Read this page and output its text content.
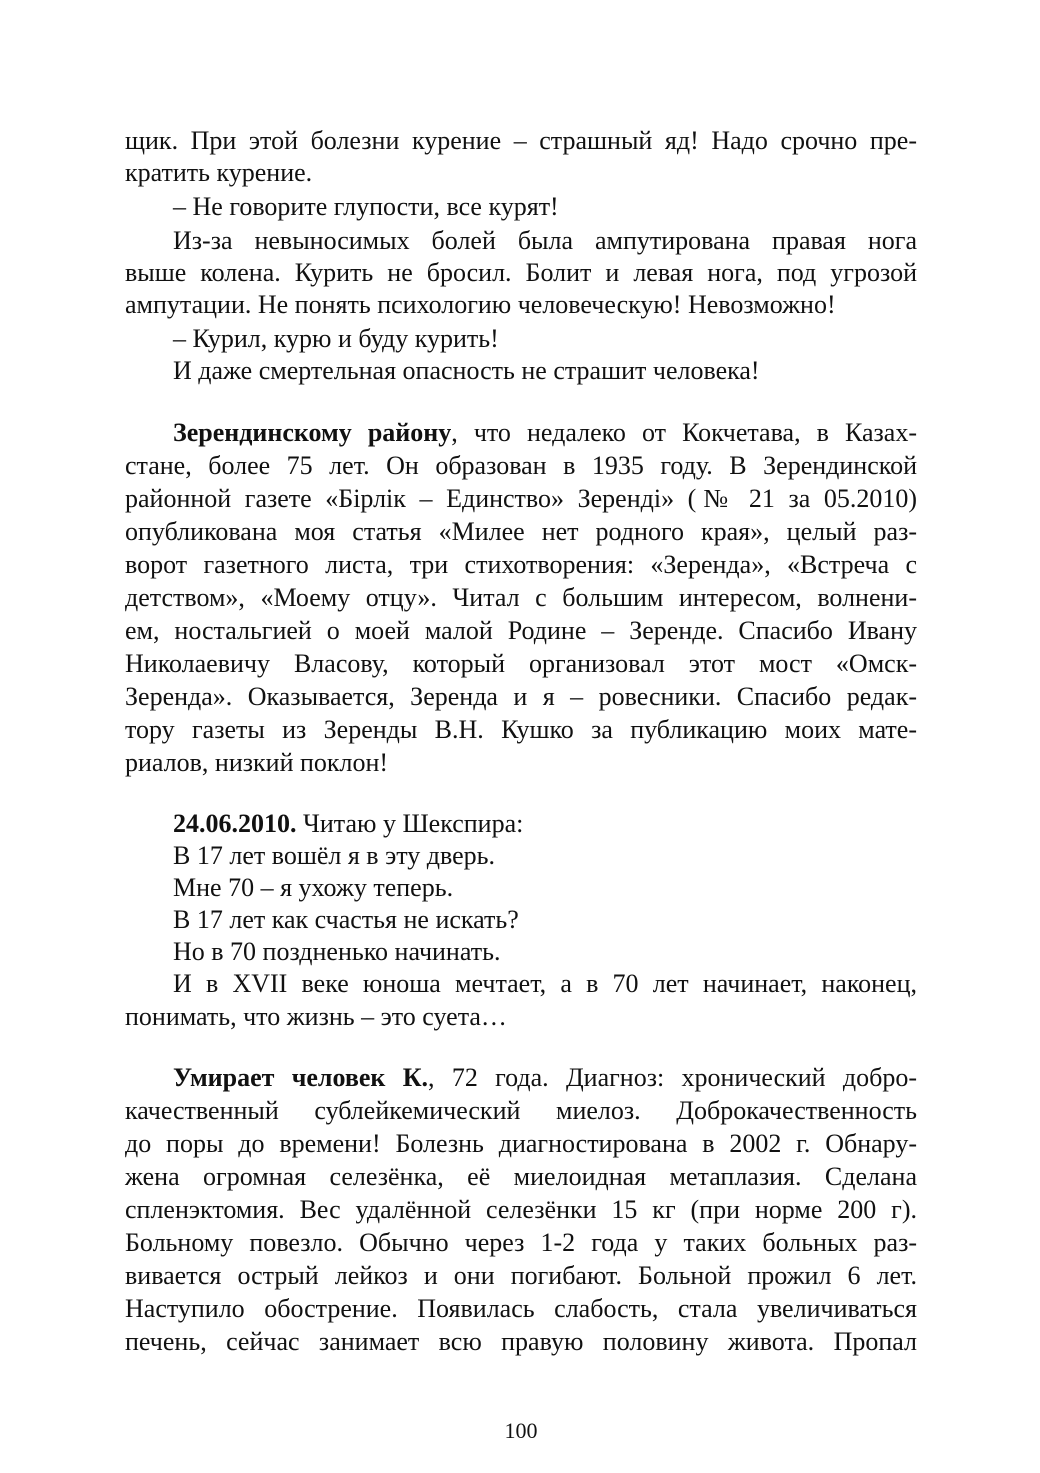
щик. При этой болезни курение – страшный яд! Надо срочно пре-
кратить курение.
– Не говорите глупости, все курят!
Из-за невыносимых болей была ампутирована правая нога
выше колена. Курить не бросил. Болит и левая нога, под угрозой
ампутации. Не понять психологию человеческую! Невозможно!
– Курил, курю и буду курить!
И даже смертельная опасность не страшит человека!
Зерендинскому району, что недалеко от Кокчетава, в Казах-
стане, более 75 лет. Он образован в 1935 году. В Зерендинской
районной газете «Бірлік – Единство» Зеренді» (№ 21 за 05.2010)
опубликована моя статья «Милее нет родного края», целый раз-
ворот газетного листа, три стихотворения: «Зеренда», «Встреча с
детством», «Моему отцу». Читал с большим интересом, волнени-
ем, ностальгией о моей малой Родине – Зеренде. Спасибо Ивану
Николаевичу Власову, который организовал этот мост «Омск-
Зеренда». Оказывается, Зеренда и я – ровесники. Спасибо редак-
тору газеты из Зеренды В.Н. Кушко за публикацию моих мате-
риалов, низкий поклон!
24.06.2010. Читаю у Шекспира:
В 17 лет вошёл я в эту дверь.
Мне 70 – я ухожу теперь.
В 17 лет как счастья не искать?
Но в 70 поздненько начинать.
И в XVII веке юноша мечтает, а в 70 лет начинает, наконец,
понимать, что жизнь – это суета…
Умирает человек К., 72 года. Диагноз: хронический добро-
качественный сублейкемический миелоз. Доброкачественность
до поры до времени! Болезнь диагностирована в 2002 г. Обнару-
жена огромная селезёнка, её миелоидная метаплазия. Сделана
спленэктомия. Вес удалённой селезёнки 15 кг (при норме 200 г).
Больному повезло. Обычно через 1-2 года у таких больных раз-
вивается острый лейкоз и они погибают. Больной прожил 6 лет.
Наступило обострение. Появилась слабость, стала увеличиваться
печень, сейчас занимает всю правую половину живота. Пропал
100
